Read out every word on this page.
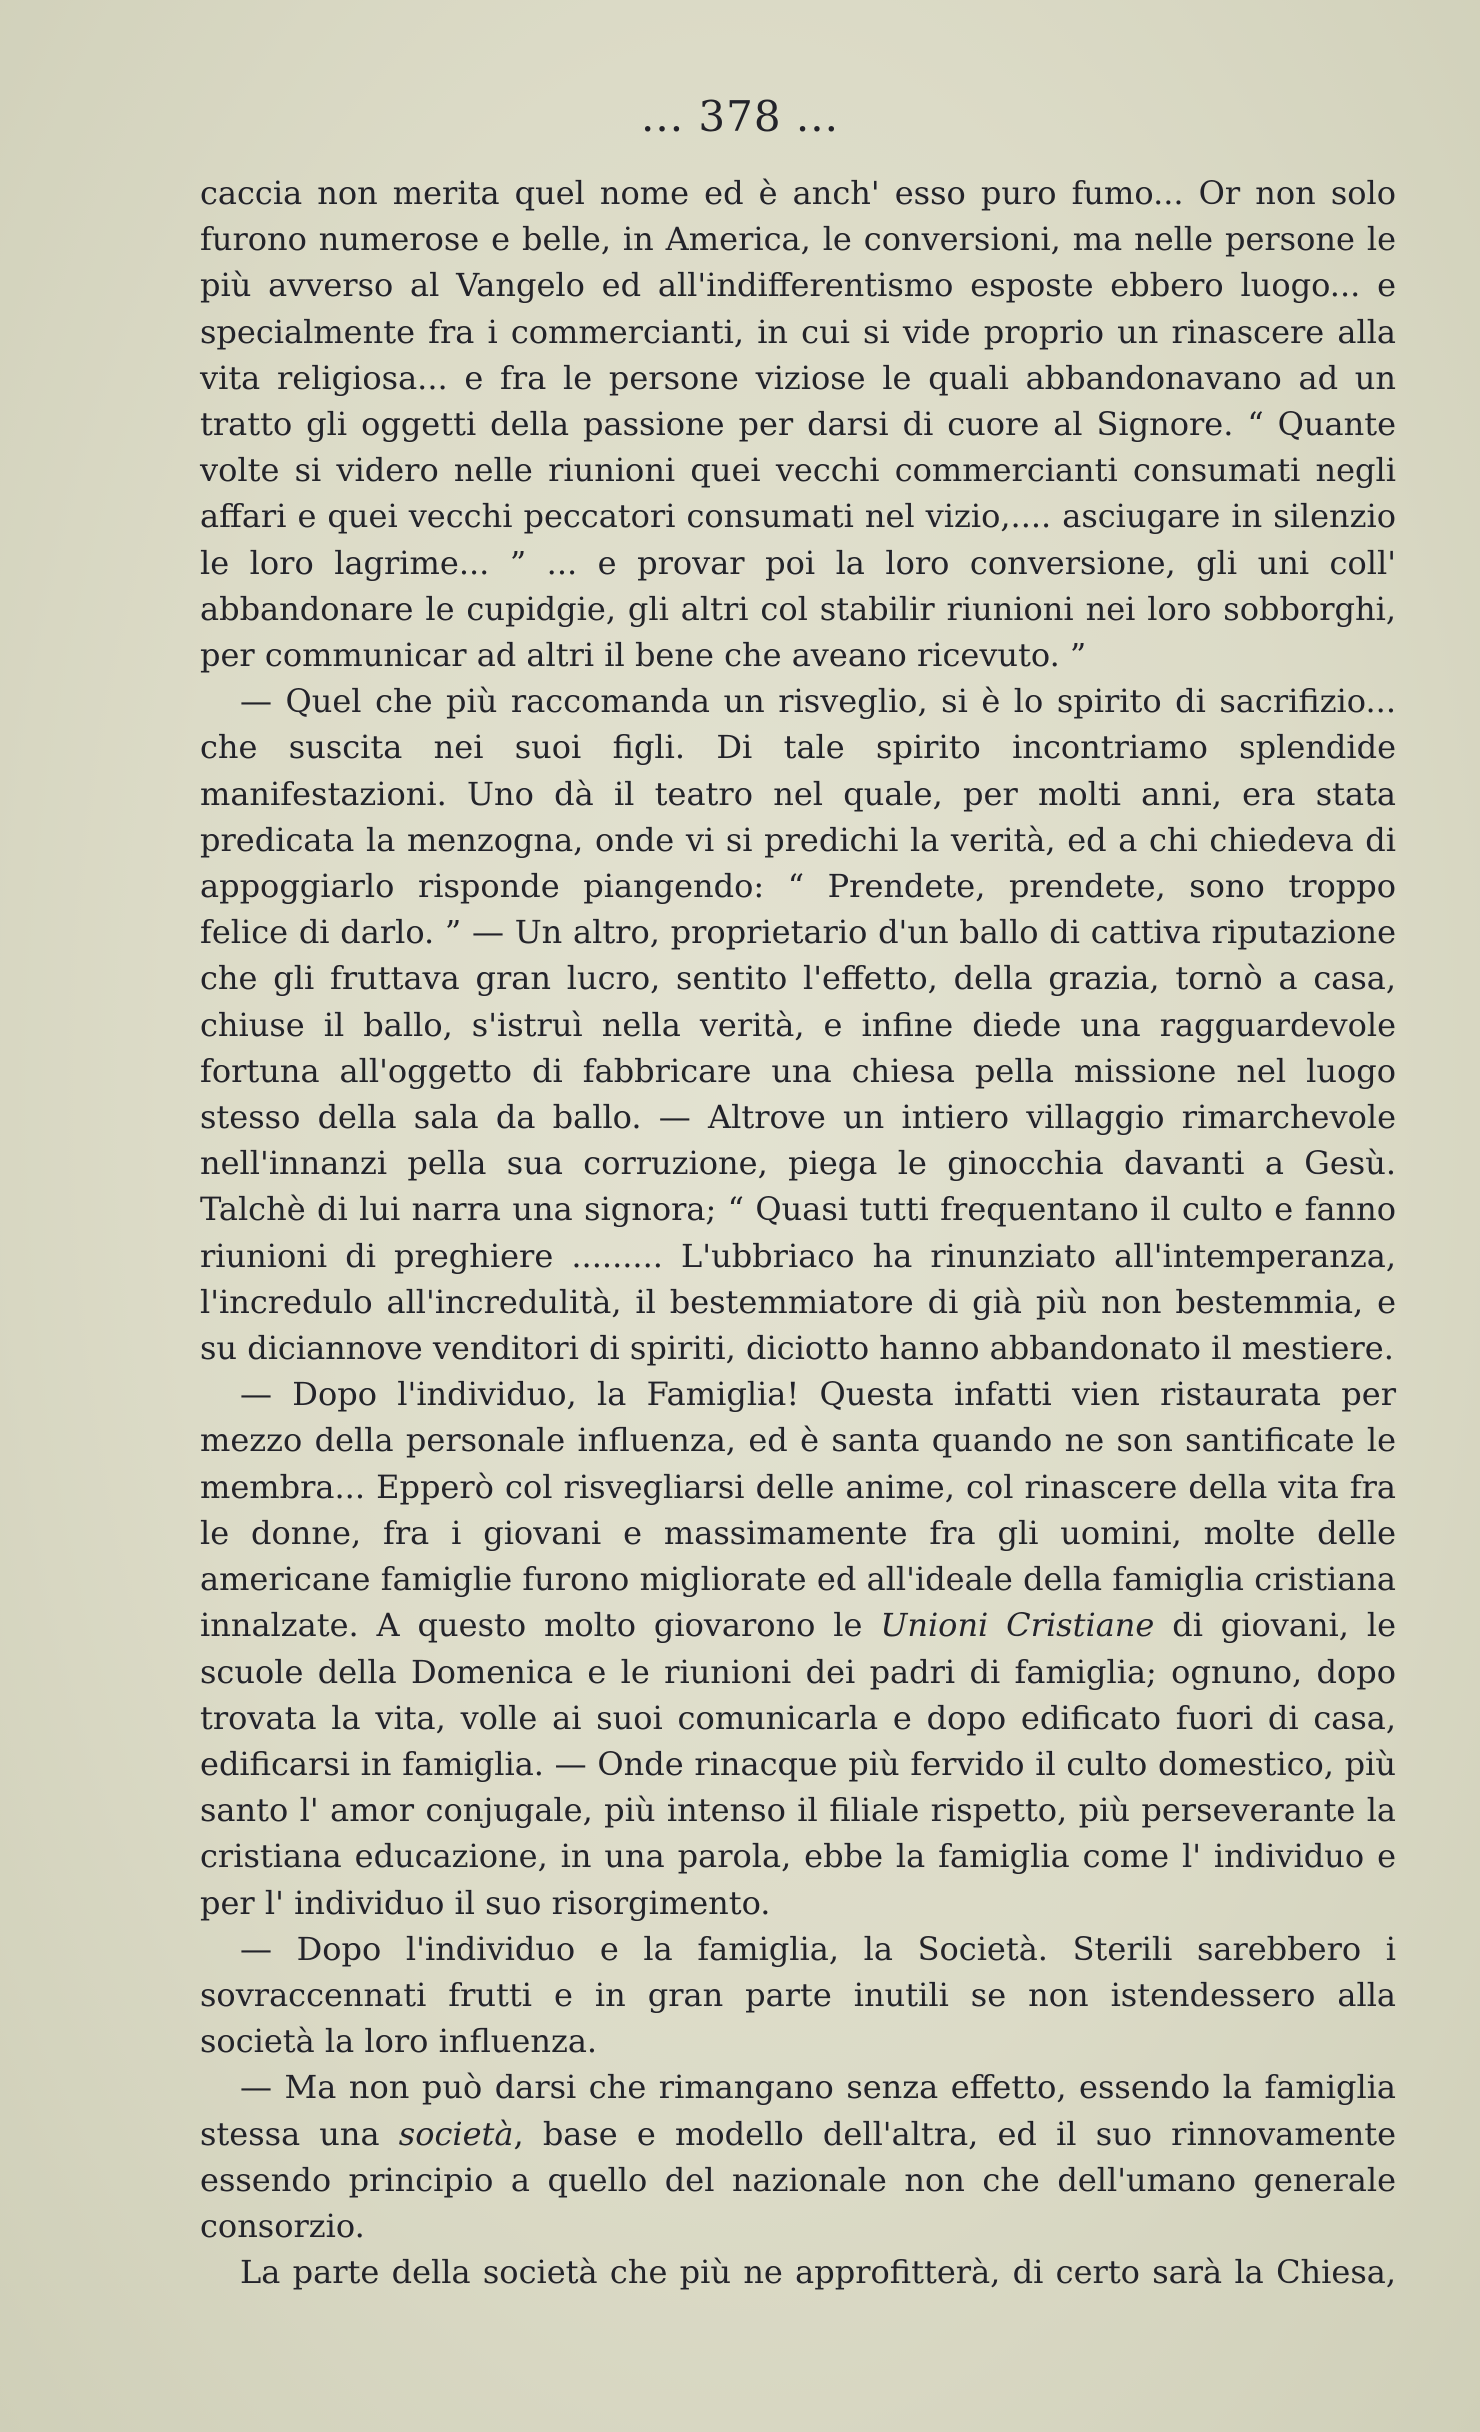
... 378 ...

caccia non merita quel nome ed è anch' esso puro fumo... Or non solo furono numerose e belle, in America, le conversioni, ma nelle persone le più avverso al Vangelo ed all'indifferentismo esposte ebbero luogo... e specialmente fra i commercianti, in cui si vide proprio un rinascere alla vita religiosa... e fra le persone viziose le quali abbandonavano ad un tratto gli oggetti della passione per darsi di cuore al Signore. “ Quante volte si videro nelle riunioni quei vecchi commercianti consumati negli affari e quei vecchi peccatori consumati nel vizio,.... asciugare in silenzio le loro lagrime... ” ... e provar poi la loro conversione, gli uni coll' abbandonare le cupidgie, gli altri col stabilir riunioni nei loro sobborghi, per communicar ad altri il bene che aveano ricevuto. ”

— Quel che più raccomanda un risveglio, si è lo spirito di sacrifizio... che suscita nei suoi figli. Di tale spirito incontriamo splendide manifestazioni. Uno dà il teatro nel quale, per molti anni, era stata predicata la menzogna, onde vi si predichi la verità, ed a chi chiedeva di appoggiarlo risponde piangendo: “ Prendete, prendete, sono troppo felice di darlo. ” — Un altro, proprietario d'un ballo di cattiva riputazione che gli fruttava gran lucro, sentito l'effetto, della grazia, tornò a casa, chiuse il ballo, s'istruì nella verità, e infine diede una ragguardevole fortuna all'oggetto di fabbricare una chiesa pella missione nel luogo stesso della sala da ballo. — Altrove un intiero villaggio rimarchevole nell'innanzi pella sua corruzione, piega le ginocchia davanti a Gesù. Talchè di lui narra una signora; “ Quasi tutti frequentano il culto e fanno riunioni di preghiere ......... L'ubbriaco ha rinunziato all'intemperanza, l'incredulo all'incredulità, il bestemmiatore di già più non bestemmia, e su diciannove venditori di spiriti, diciotto hanno abbandonato il mestiere.

— Dopo l'individuo, la Famiglia! Questa infatti vien ristaurata per mezzo della personale influenza, ed è santa quando ne son santificate le membra... Epperò col risvegliarsi delle anime, col rinascere della vita fra le donne, fra i giovani e massimamente fra gli uomini, molte delle americane famiglie furono migliorate ed all'ideale della famiglia cristiana innalzate. A questo molto giovarono le Unioni Cristiane di giovani, le scuole della Domenica e le riunioni dei padri di famiglia; ognuno, dopo trovata la vita, volle ai suoi comunicarla e dopo edificato fuori di casa, edificarsi in famiglia. — Onde rinacque più fervido il culto domestico, più santo l' amor conjugale, più intenso il filiale rispetto, più perseverante la cristiana educazione, in una parola, ebbe la famiglia come l' individuo e per l' individuo il suo risorgimento.

— Dopo l'individuo e la famiglia, la Società. Sterili sarebbero i sovraccennati frutti e in gran parte inutili se non istendessero alla società la loro influenza.

— Ma non può darsi che rimangano senza effetto, essendo la famiglia stessa una società, base e modello dell'altra, ed il suo rinnovamente essendo principio a quello del nazionale non che dell'umano generale consorzio.

La parte della società che più ne approfitterà, di certo sarà la Chiesa,
